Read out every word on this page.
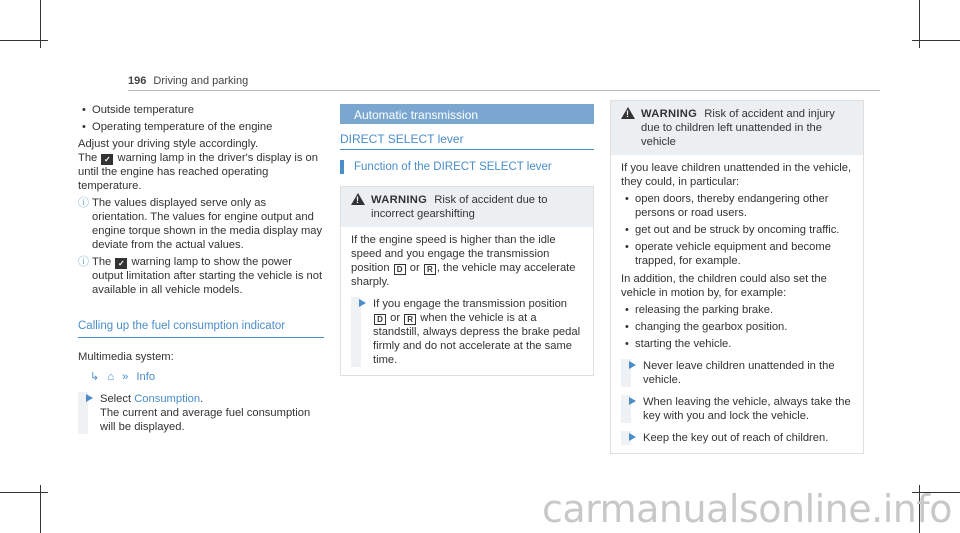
196 Driving and parking
• Outside temperature
• Operating temperature of the engine
Adjust your driving style accordingly.
The ✓ warning lamp in the driver's display is on until the engine has reached operating temperature.
ⓘ The values displayed serve only as orientation. The values for engine output and engine torque shown in the media display may deviate from the actual values.
ⓘ The ✓ warning lamp to show the power output limitation after starting the vehicle is not available in all vehicle models.
Calling up the fuel consumption indicator
Multimedia system:
↳ ⌂ » Info
Select Consumption.
The current and average fuel consumption will be displayed.
Automatic transmission
DIRECT SELECT lever
Function of the DIRECT SELECT lever
!
WARNING Risk of accident due to incorrect gearshifting
If the engine speed is higher than the idle speed and you engage the transmission position D or R , the vehicle may accelerate sharply.
If you engage the transmission position D or R when the vehicle is at a standstill, always depress the brake pedal firmly and do not accelerate at the same time.
!
WARNING Risk of accident and injury due to children left unattended in the vehicle
If you leave children unattended in the vehicle, they could, in particular:
• open doors, thereby endangering other persons or road users.
• get out and be struck by oncoming traffic.
• operate vehicle equipment and become trapped, for example.
In addition, the children could also set the vehicle in motion by, for example:
• releasing the parking brake.
• changing the gearbox position.
• starting the vehicle.
Never leave children unattended in the vehicle.
When leaving the vehicle, always take the key with you and lock the vehicle.
Keep the key out of reach of children.
carmanualsonline.info
